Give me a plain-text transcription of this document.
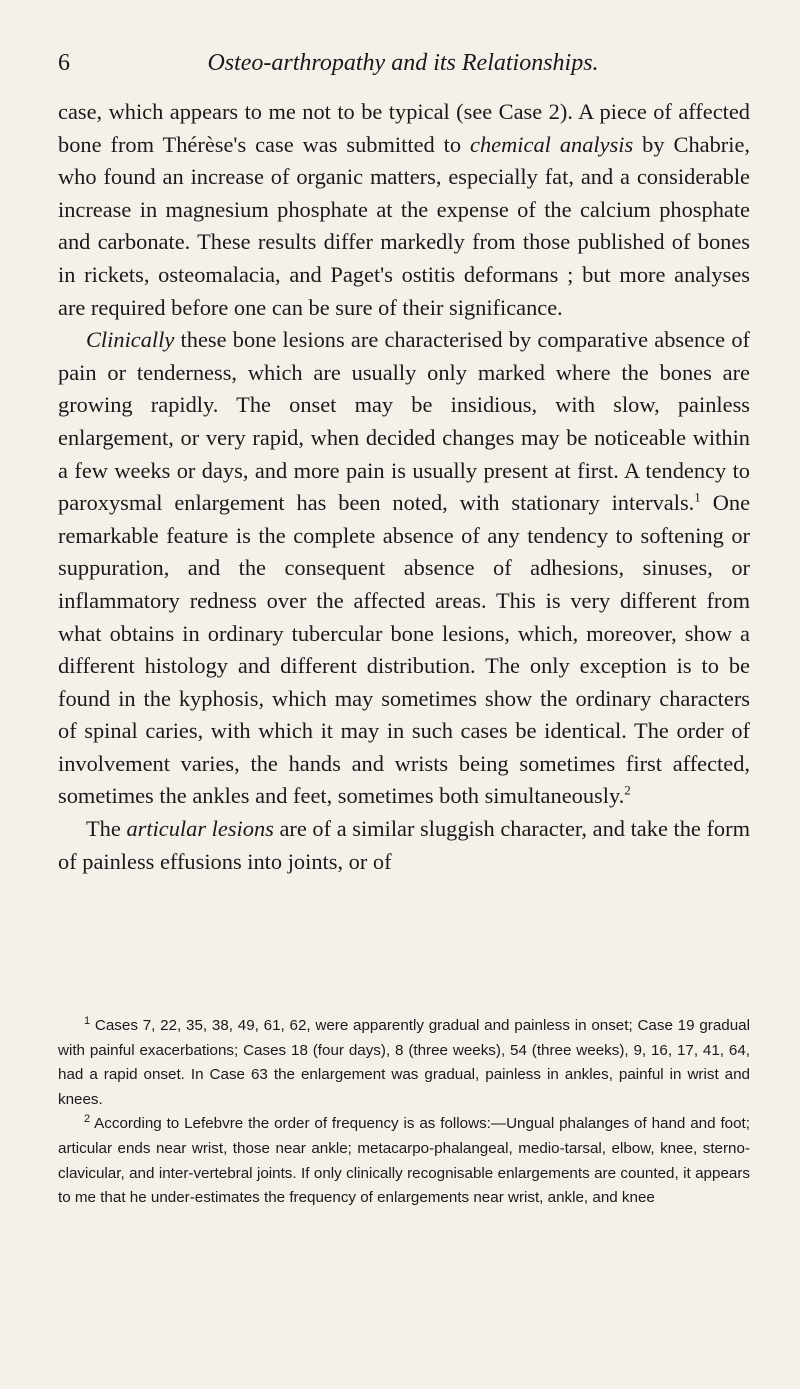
6	Osteo-arthropathy and its Relationships.

case, which appears to me not to be typical (see Case 2). A piece of affected bone from Thérèse's case was submitted to chemical analysis by Chabrie, who found an increase of organic matters, especially fat, and a considerable increase in magnesium phosphate at the expense of the calcium phosphate and carbonate. These results differ markedly from those published of bones in rickets, osteomalacia, and Paget's ostitis deformans ; but more analyses are required before one can be sure of their significance.

Clinically these bone lesions are characterised by comparative absence of pain or tenderness, which are usually only marked where the bones are growing rapidly. The onset may be insidious, with slow, painless enlargement, or very rapid, when decided changes may be noticeable within a few weeks or days, and more pain is usually present at first. A tendency to paroxysmal enlargement has been noted, with stationary intervals.$^1$ One remarkable feature is the complete absence of any tendency to softening or suppuration, and the consequent absence of adhesions, sinuses, or inflammatory redness over the affected areas. This is very different from what obtains in ordinary tubercular bone lesions, which, moreover, show a different histology and different distribution. The only exception is to be found in the kyphosis, which may sometimes show the ordinary characters of spinal caries, with which it may in such cases be identical. The order of involvement varies, the hands and wrists being sometimes first affected, sometimes the ankles and feet, sometimes both simultaneously.$^2$

The articular lesions are of a similar sluggish character, and take the form of painless effusions into joints, or of

$^1$ Cases 7, 22, 35, 38, 49, 61, 62, were apparently gradual and painless in onset; Case 19 gradual with painful exacerbations; Cases 18 (four days), 8 (three weeks), 54 (three weeks), 9, 16, 17, 41, 64, had a rapid onset. In Case 63 the enlargement was gradual, painless in ankles, painful in wrist and knees.

$^2$ According to Lefebvre the order of frequency is as follows:—Ungual phalanges of hand and foot; articular ends near wrist, those near ankle; metacarpo-phalangeal, medio-tarsal, elbow, knee, sterno-clavicular, and inter-vertebral joints. If only clinically recognisable enlargements are counted, it appears to me that he under-estimates the frequency of enlargements near wrist, ankle, and knee
